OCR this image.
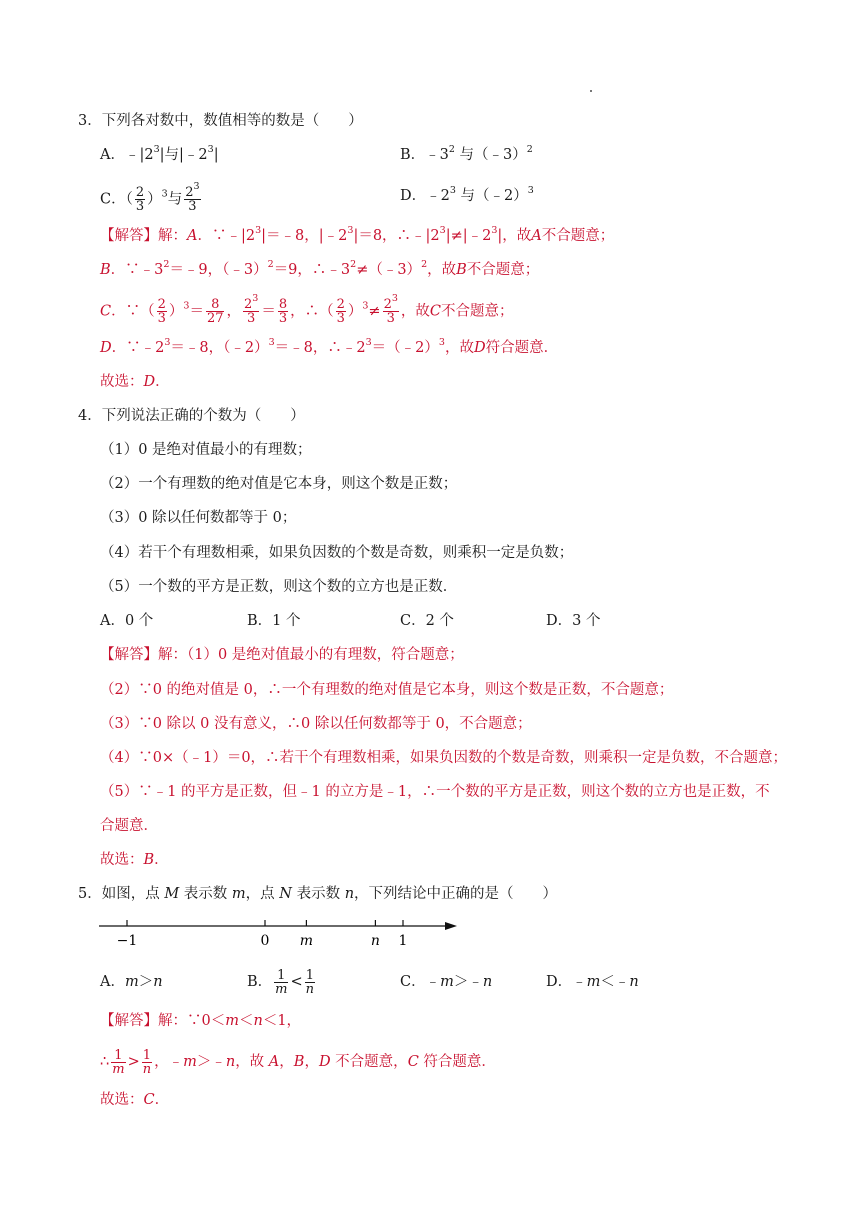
3．下列各对数中，数值相等的数是（　　）
A．$﹣|2^3|$与$|﹣2^3|$	B．$﹣3^2$ 与（﹣3）$^2$
C．（ $\frac{2}{3} )^3$与 $\frac{2^3}{3}$	D．$﹣2^3$ 与（﹣2）$^3$
【解答】解：A．$\because﹣|2^3|=﹣8$，$|﹣2^3|=8$，$\therefore﹣|2^3|\ne|﹣2^3|$，故A不合题意；
B．$\because﹣3^2=﹣9$，（﹣3）$^2$＝9，$\therefore﹣3^2\ne(﹣3)^2$，故B不合题意；
C．∵（ $\frac{2}{3} )^3= \frac{8}{27}$ ， $\frac{2^3}{3} = \frac{8}{3}$ ，∴（ $\frac{2}{3} )^3\ne \frac{2^3}{3}$ ，故C不合题意；
D．$\because﹣2^3=﹣8$，（﹣2）$^3$＝﹣8，$\therefore﹣2^3=(﹣2)^3$，故D符合题意．
故选：D．
4．下列说法正确的个数为（　　）
（1）0 是绝对值最小的有理数；
（2）一个有理数的绝对值是它本身，则这个数是正数；
（3）0 除以任何数都等于 0；
（4）若干个有理数相乘，如果负因数的个数是奇数，则乘积一定是负数；
（5）一个数的平方是正数，则这个数的立方也是正数．
A．0 个	B．1 个	C．2 个	D．3 个
【解答】解：（1）0 是绝对值最小的有理数，符合题意；
（2）∵0 的绝对值是 0，∴一个有理数的绝对值是它本身，则这个数是正数，不合题意；
（3）∵0 除以 0 没有意义，∴0 除以任何数都等于 0，不合题意；
（4）∵0×（﹣1）＝0，∴若干个有理数相乘，如果负因数的个数是奇数，则乘积一定是负数，不合题意；
（5）∵﹣1 的平方是正数，但﹣1 的立方是﹣1，∴一个数的平方是正数，则这个数的立方也是正数，不
合题意．
故选：B．
5．如图，点 M 表示数 m，点 N 表示数 n，下列结论中正确的是（　　）
−1	0 m	n 1
A．m＞n	B． $\frac{1}{m} < \frac{1}{n}$	C．﹣m＞﹣n	D．﹣m＜﹣n
【解答】解：∵0＜m＜n＜1，
∴ $\frac{1}{m} > \frac{1}{n}$ ，﹣m＞﹣n，故 A，B，D 不合题意，C 符合题意．
故选：C．
